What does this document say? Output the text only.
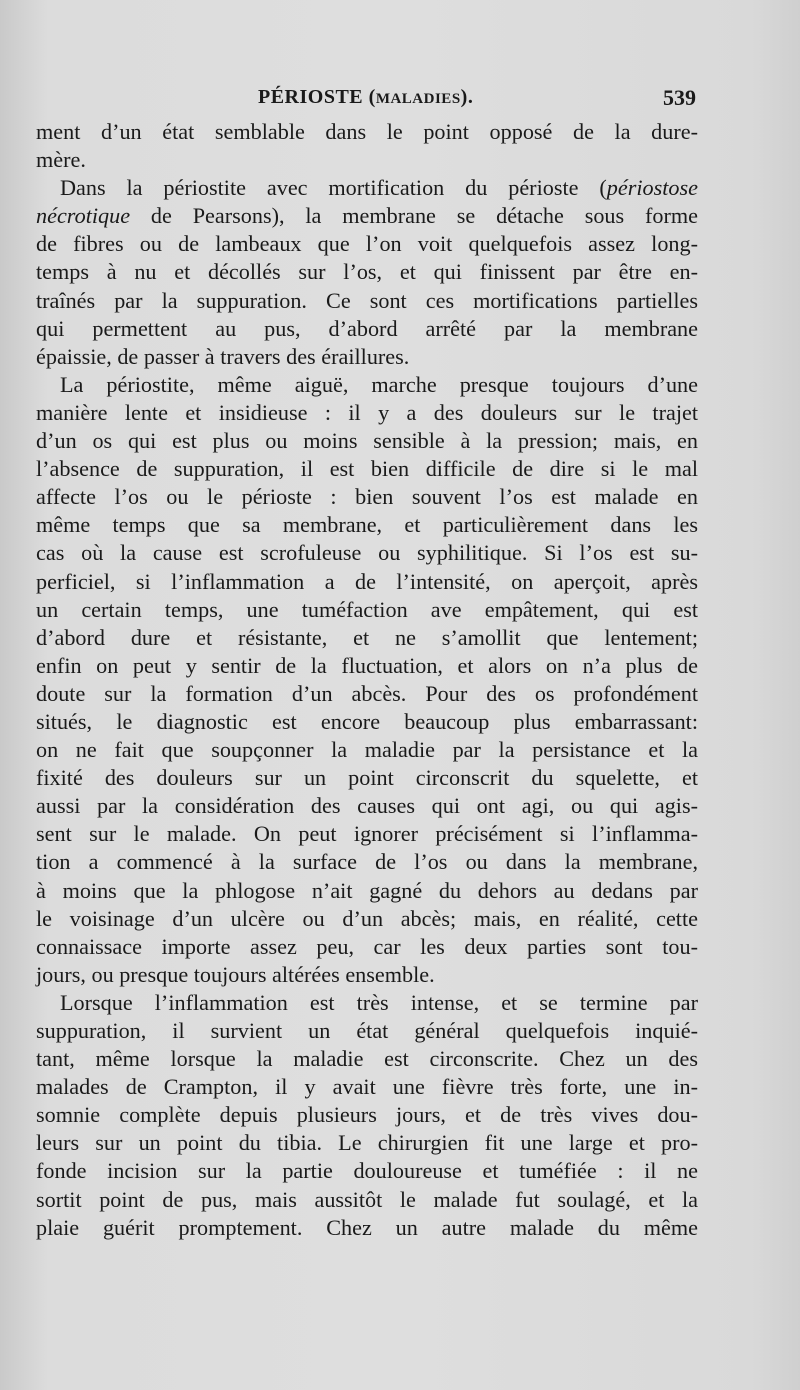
PÉRIOSTE (MALADIES).	539
ment d’un état semblable dans le point opposé de la dure-
mère.
Dans la périostite avec mortification du périoste (périostose
nécrotique de Pearsons), la membrane se détache sous forme
de fibres ou de lambeaux que l’on voit quelquefois assez long-
temps à nu et décollés sur l’os, et qui finissent par être en-
traînés par la suppuration. Ce sont ces mortifications partielles
qui permettent au pus, d’abord arrêté par la membrane
épaissie, de passer à travers des éraillures.
La périostite, même aiguë, marche presque toujours d’une
manière lente et insidieuse : il y a des douleurs sur le trajet
d’un os qui est plus ou moins sensible à la pression; mais, en
l’absence de suppuration, il est bien difficile de dire si le mal
affecte l’os ou le périoste : bien souvent l’os est malade en
même temps que sa membrane, et particulièrement dans les
cas où la cause est scrofuleuse ou syphilitique. Si l’os est su-
perficiel, si l’inflammation a de l’intensité, on aperçoit, après
un certain temps, une tuméfaction ave empâtement, qui est
d’abord dure et résistante, et ne s’amollit que lentement;
enfin on peut y sentir de la fluctuation, et alors on n’a plus de
doute sur la formation d’un abcès. Pour des os profondément
situés, le diagnostic est encore beaucoup plus embarrassant:
on ne fait que soupçonner la maladie par la persistance et la
fixité des douleurs sur un point circonscrit du squelette, et
aussi par la considération des causes qui ont agi, ou qui agis-
sent sur le malade. On peut ignorer précisément si l’inflamma-
tion a commencé à la surface de l’os ou dans la membrane,
à moins que la phlogose n’ait gagné du dehors au dedans par
le voisinage d’un ulcère ou d’un abcès; mais, en réalité, cette
connaissace importe assez peu, car les deux parties sont tou-
jours, ou presque toujours altérées ensemble.
Lorsque l’inflammation est très intense, et se termine par
suppuration, il survient un état général quelquefois inquié-
tant, même lorsque la maladie est circonscrite. Chez un des
malades de Crampton, il y avait une fièvre très forte, une in-
somnie complète depuis plusieurs jours, et de très vives dou-
leurs sur un point du tibia. Le chirurgien fit une large et pro-
fonde incision sur la partie douloureuse et tuméfiée : il ne
sortit point de pus, mais aussitôt le malade fut soulagé, et la
plaie guérit promptement. Chez un autre malade du même
